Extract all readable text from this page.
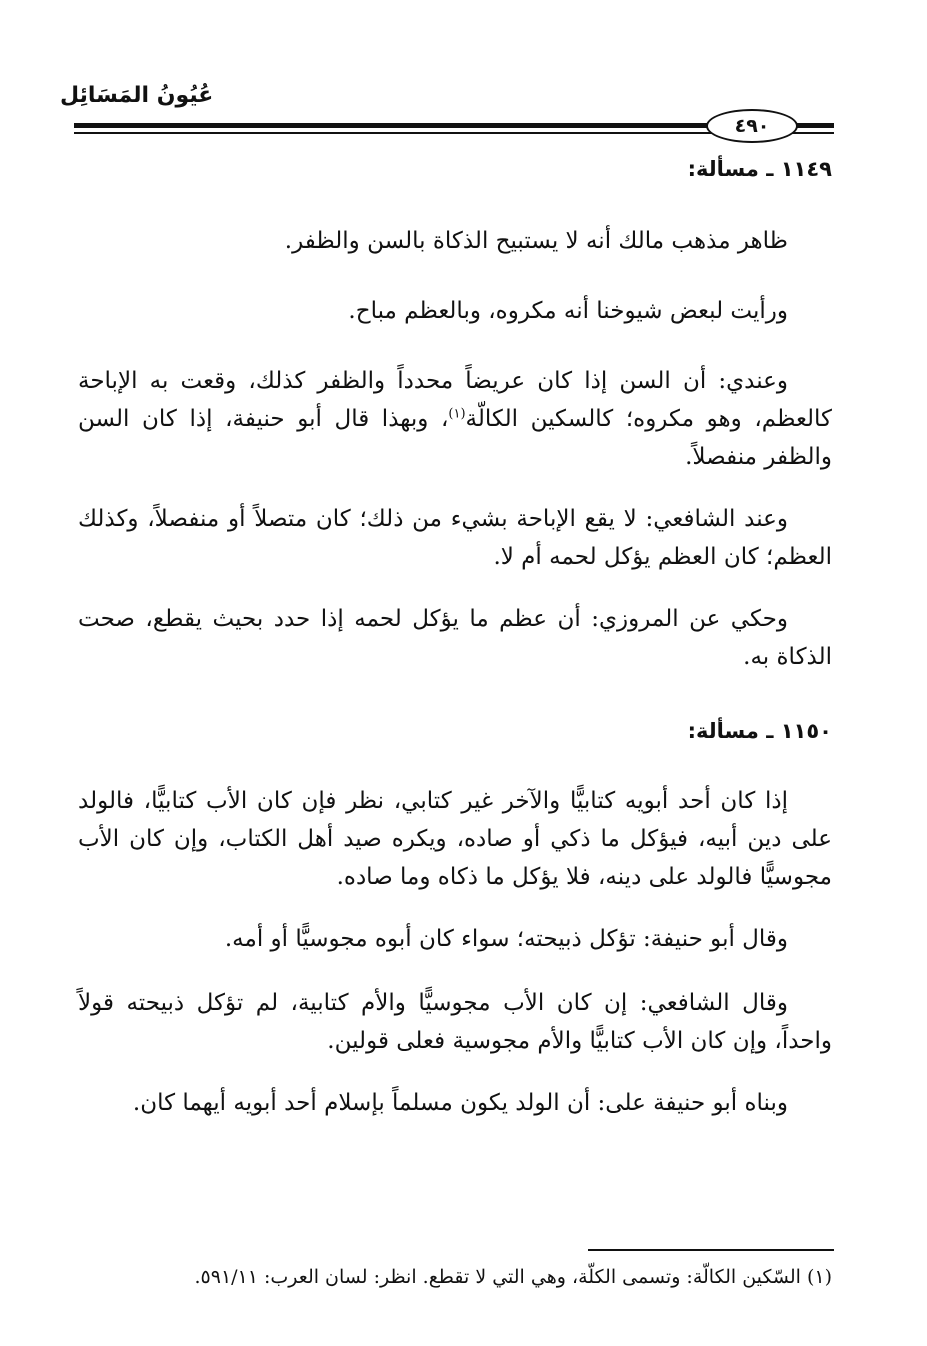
عُيُونُ المَسَائِل
٤٩٠

١١٤٩ ـ مسألة:

ظاهر مذهب مالك أنه لا يستبيح الذكاة بالسن والظفر.

ورأيت لبعض شيوخنا أنه مكروه، وبالعظم مباح.

وعندي: أن السن إذا كان عريضاً محدداً والظفر كذلك، وقعت به الإباحة كالعظم، وهو مكروه؛ كالسكين الكالّة$^{(١)}$، وبهذا قال أبو حنيفة، إذا كان السن والظفر منفصلاً.

وعند الشافعي: لا يقع الإباحة بشيء من ذلك؛ كان متصلاً أو منفصلاً، وكذلك العظم؛ كان العظم يؤكل لحمه أم لا.

وحكي عن المروزي: أن عظم ما يؤكل لحمه إذا حدد بحيث يقطع، صحت الذكاة به.

١١٥٠ ـ مسألة:

إذا كان أحد أبويه كتابيًّا والآخر غير كتابي، نظر فإن كان الأب كتابيًّا، فالولد على دين أبيه، فيؤكل ما ذكي أو صاده، ويكره صيد أهل الكتاب، وإن كان الأب مجوسيًّا فالولد على دينه، فلا يؤكل ما ذكاه وما صاده.

وقال أبو حنيفة: تؤكل ذبيحته؛ سواء كان أبوه مجوسيًّا أو أمه.

وقال الشافعي: إن كان الأب مجوسيًّا والأم كتابية، لم تؤكل ذبيحته قولاً واحداً، وإن كان الأب كتابيًّا والأم مجوسية فعلى قولين.

وبناه أبو حنيفة على: أن الولد يكون مسلماً بإسلام أحد أبويه أيهما كان.

(١) السّكين الكالّة: وتسمى الكلّة، وهي التي لا تقطع. انظر: لسان العرب: ٥٩١/١١.
